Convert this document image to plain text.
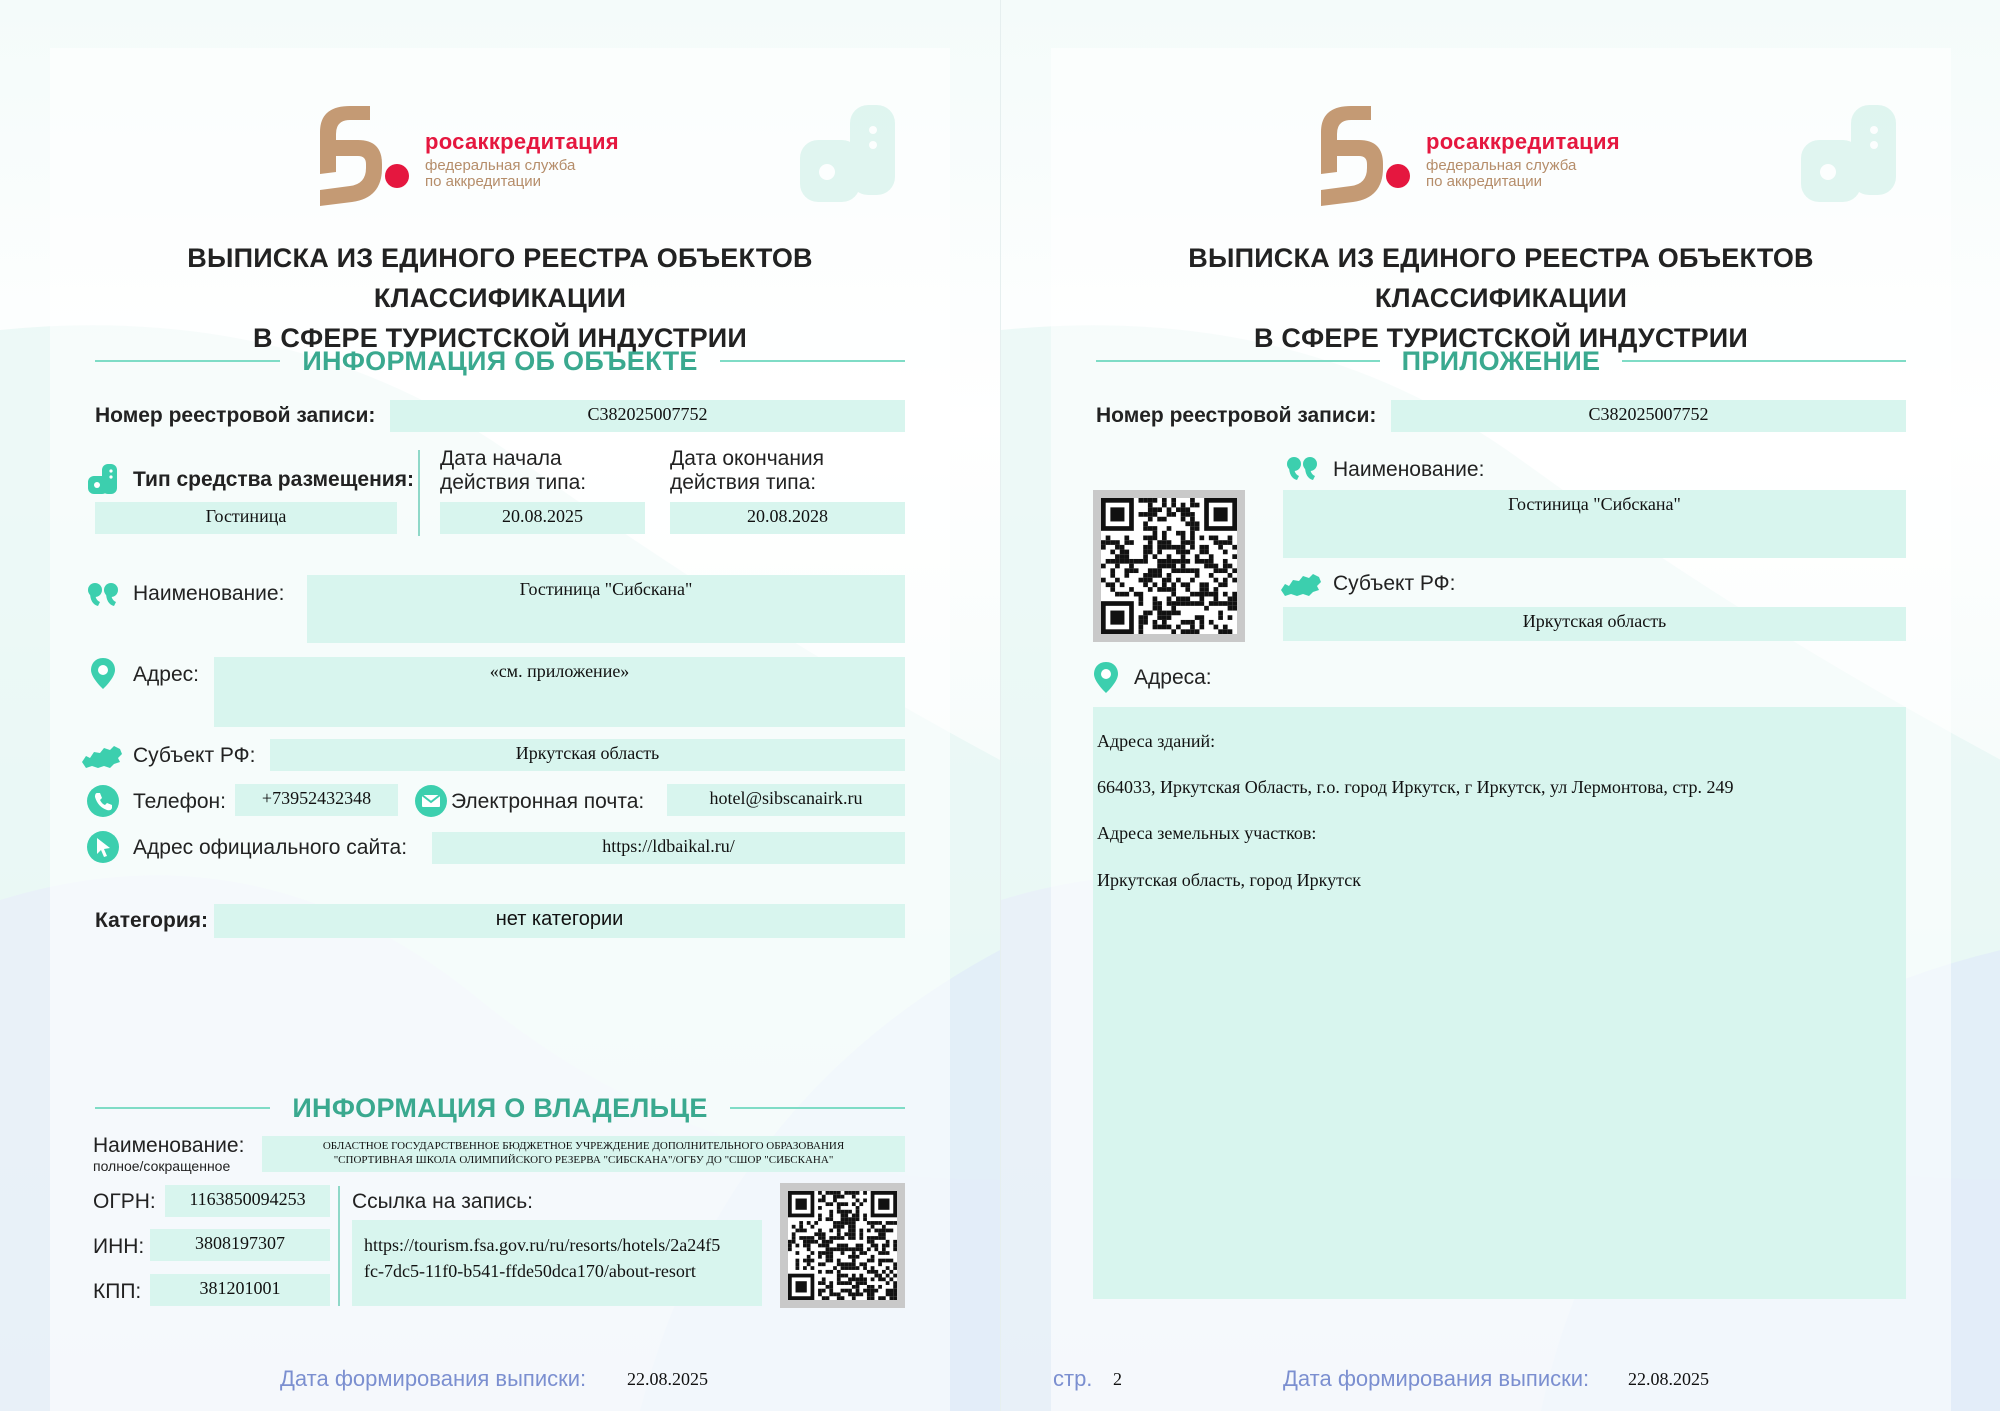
росаккредитация
федеральная служба
по аккредитации
ВЫПИСКА ИЗ ЕДИНОГО РЕЕСТРА ОБЪЕКТОВ КЛАССИФИКАЦИИ
В СФЕРЕ ТУРИСТСКОЙ ИНДУСТРИИ
ИНФОРМАЦИЯ ОБ ОБЪЕКТЕ
Номер реестровой записи:	С382025007752
Тип средства размещения:
Гостиница
Дата начала
действия типа:
20.08.2025
Дата окончания
действия типа:
20.08.2028
Наименование:	Гостиница "Сибскана"
Адрес:	«см. приложение»
Субъект РФ:	Иркутская область
Телефон:	+73952432348	Электронная почта:	hotel@sibscanairk.ru
Адрес официального сайта:	https://ldbaikal.ru/
Категория:	нет категории
ИНФОРМАЦИЯ О ВЛАДЕЛЬЦЕ
Наименование:
полное/сокращенное
ОБЛАСТНОЕ ГОСУДАРСТВЕННОЕ БЮДЖЕТНОЕ УЧРЕЖДЕНИЕ ДОПОЛНИТЕЛЬНОГО ОБРАЗОВАНИЯ
"СПОРТИВНАЯ ШКОЛА ОЛИМПИЙСКОГО РЕЗЕРВА "СИБСКАНА"/ОГБУ ДО "СШОР "СИБСКАНА"
ОГРН:	1163850094253
ИНН:	3808197307
КПП:	381201001
Ссылка на запись:
https://tourism.fsa.gov.ru/ru/resorts/hotels/2a24f5
fc-7dc5-11f0-b541-ffde50dca170/about-resort
Дата формирования выписки: 22.08.2025
росаккредитация
федеральная служба
по аккредитации
ВЫПИСКА ИЗ ЕДИНОГО РЕЕСТРА ОБЪЕКТОВ КЛАССИФИКАЦИИ
В СФЕРЕ ТУРИСТСКОЙ ИНДУСТРИИ
ПРИЛОЖЕНИЕ
Номер реестровой записи:	С382025007752
Наименование:
Гостиница "Сибскана"
Субъект РФ:
Иркутская область
Адреса:

Адреса зданий:

664033, Иркутская Область, г.о. город Иркутск, г Иркутск, ул Лермонтова, стр. 249

Адреса земельных участков:

Иркутская область, город Иркутск

стр. 2	Дата формирования выписки: 22.08.2025
